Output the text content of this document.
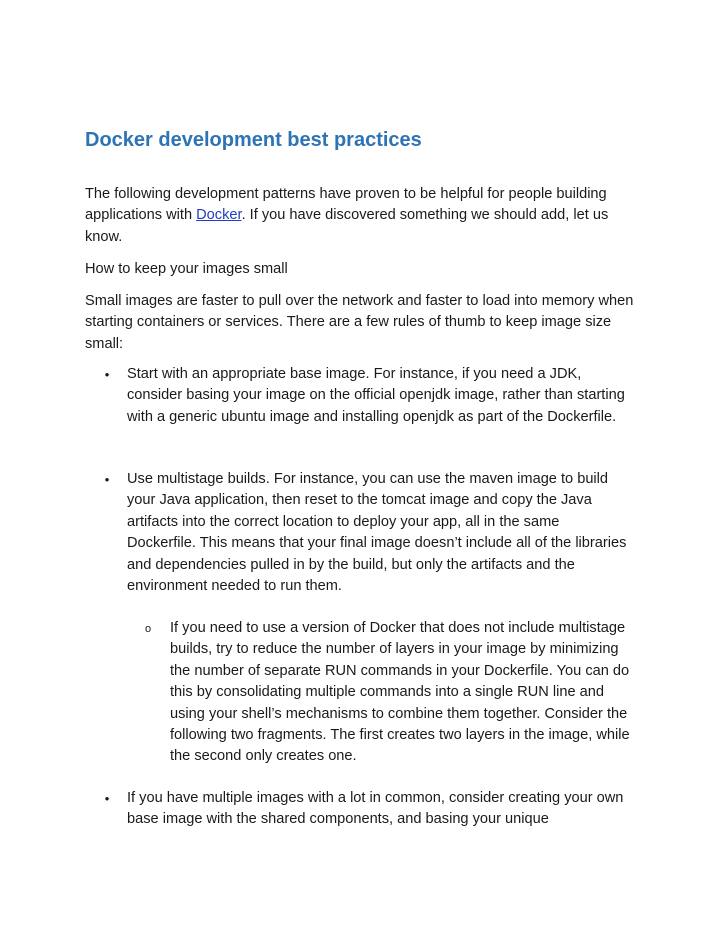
Docker development best practices

The following development patterns have proven to be helpful for people building applications with Docker. If you have discovered something we should add, let us know.

How to keep your images small

Small images are faster to pull over the network and faster to load into memory when starting containers or services. There are a few rules of thumb to keep image size small:

• Start with an appropriate base image. For instance, if you need a JDK, consider basing your image on the official openjdk image, rather than starting with a generic ubuntu image and installing openjdk as part of the Dockerfile.

• Use multistage builds. For instance, you can use the maven image to build your Java application, then reset to the tomcat image and copy the Java artifacts into the correct location to deploy your app, all in the same Dockerfile. This means that your final image doesn’t include all of the libraries and dependencies pulled in by the build, but only the artifacts and the environment needed to run them.

o If you need to use a version of Docker that does not include multistage builds, try to reduce the number of layers in your image by minimizing the number of separate RUN commands in your Dockerfile. You can do this by consolidating multiple commands into a single RUN line and using your shell’s mechanisms to combine them together. Consider the following two fragments. The first creates two layers in the image, while the second only creates one.

• If you have multiple images with a lot in common, consider creating your own base image with the shared components, and basing your unique
